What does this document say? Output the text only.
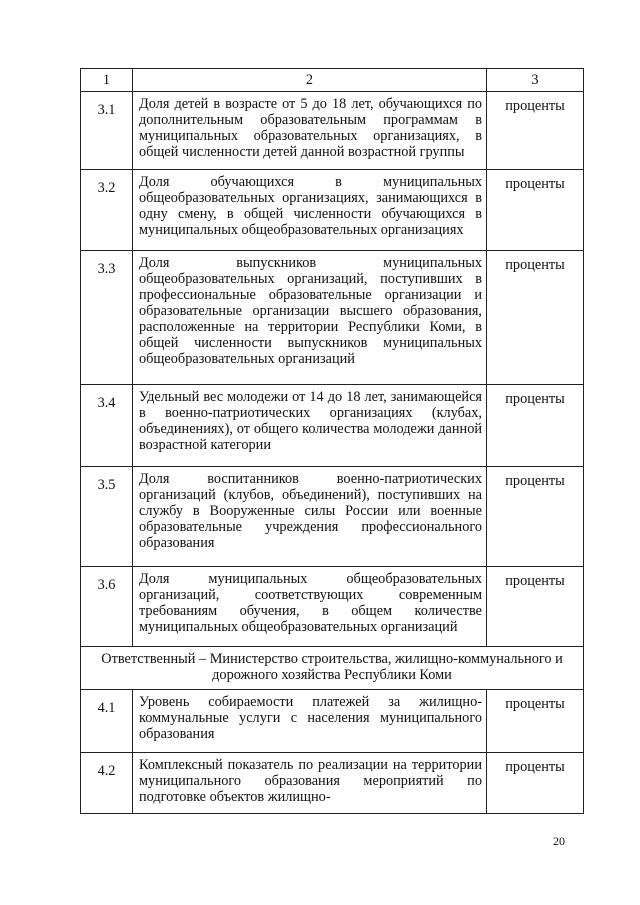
1	2	3
3.1	Доля детей в возрасте от 5 до 18 лет, обучающихся по дополнительным образовательным программам в муниципальных образовательных организациях, в общей численности детей данной возрастной группы	проценты
3.2	Доля обучающихся в муниципальных общеобразовательных организациях, занимающихся в одну смену, в общей численности обучающихся в муниципальных общеобразовательных организациях	проценты
3.3	Доля выпускников муниципальных общеобразовательных организаций, поступивших в профессиональные образовательные организации и образовательные организации высшего образования, расположенные на территории Республики Коми, в общей численности выпускников муниципальных общеобразовательных организаций	проценты
3.4	Удельный вес молодежи от 14 до 18 лет, занимающейся в военно-патриотических организациях (клубах, объединениях), от общего количества молодежи данной возрастной категории	проценты
3.5	Доля воспитанников военно-патриотических организаций (клубов, объединений), поступивших на службу в Вооруженные силы России или военные образовательные учреждения профессионального образования	проценты
3.6	Доля муниципальных общеобразовательных организаций, соответствующих современным требованиям обучения, в общем количестве муниципальных общеобразовательных организаций	проценты
Ответственный – Министерство строительства, жилищно-коммунального и дорожного хозяйства Республики Коми		
4.1	Уровень собираемости платежей за жилищно-коммунальные услуги с населения муниципального образования	проценты
4.2	Комплексный показатель по реализации на территории муниципального образования мероприятий по подготовке объектов жилищно-	проценты
20
